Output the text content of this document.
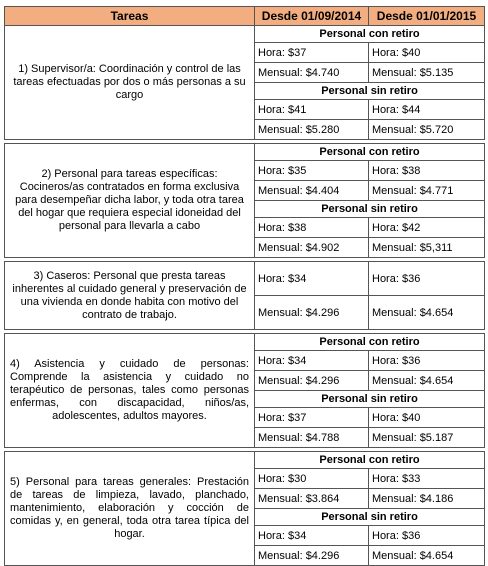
Tareas	Desde 01/09/2014	Desde 01/01/2015
1) Supervisor/a: Coordinación y control de las tareas efectuadas por dos o más personas a su cargo	Personal con retiro	
	Hora: $37	Hora: $40
	Mensual: $4.740	Mensual: $5.135
	Personal sin retiro	
	Hora: $41	Hora: $44
	Mensual: $5.280	Mensual: $5.720

2) Personal para tareas específicas: Cocineros/as contratados en forma exclusiva para desempeñar dicha labor, y toda otra tarea del hogar que requiera especial idoneidad del personal para llevarla a cabo	Personal con retiro	
	Hora: $35	Hora: $38
	Mensual: $4.404	Mensual: $4.771
	Personal sin retiro	
	Hora: $38	Hora: $42
	Mensual: $4.902	Mensual: $5,311

3) Caseros: Personal que presta tareas inherentes al cuidado general y preservación de una vivienda en donde habita con motivo del contrato de trabajo.	Hora: $34	Hora: $36
	Mensual: $4.296	Mensual: $4.654

4) Asistencia y cuidado de personas: Comprende la asistencia y cuidado no terapéutico de personas, tales como personas enfermas, con discapacidad, niños/as, adolescentes, adultos mayores.	Personal con retiro	
	Hora: $34	Hora: $36
	Mensual: $4.296	Mensual: $4.654
	Personal sin retiro	
	Hora: $37	Hora: $40
	Mensual: $4.788	Mensual: $5.187

5) Personal para tareas generales: Prestación de tareas de limpieza, lavado, planchado, mantenimiento, elaboración y cocción de comidas y, en general, toda otra tarea típica del hogar.	Personal con retiro	
	Hora: $30	Hora: $33
	Mensual: $3.864	Mensual: $4.186
	Personal sin retiro	
	Hora: $34	Hora: $36
	Mensual: $4.296	Mensual: $4.654
